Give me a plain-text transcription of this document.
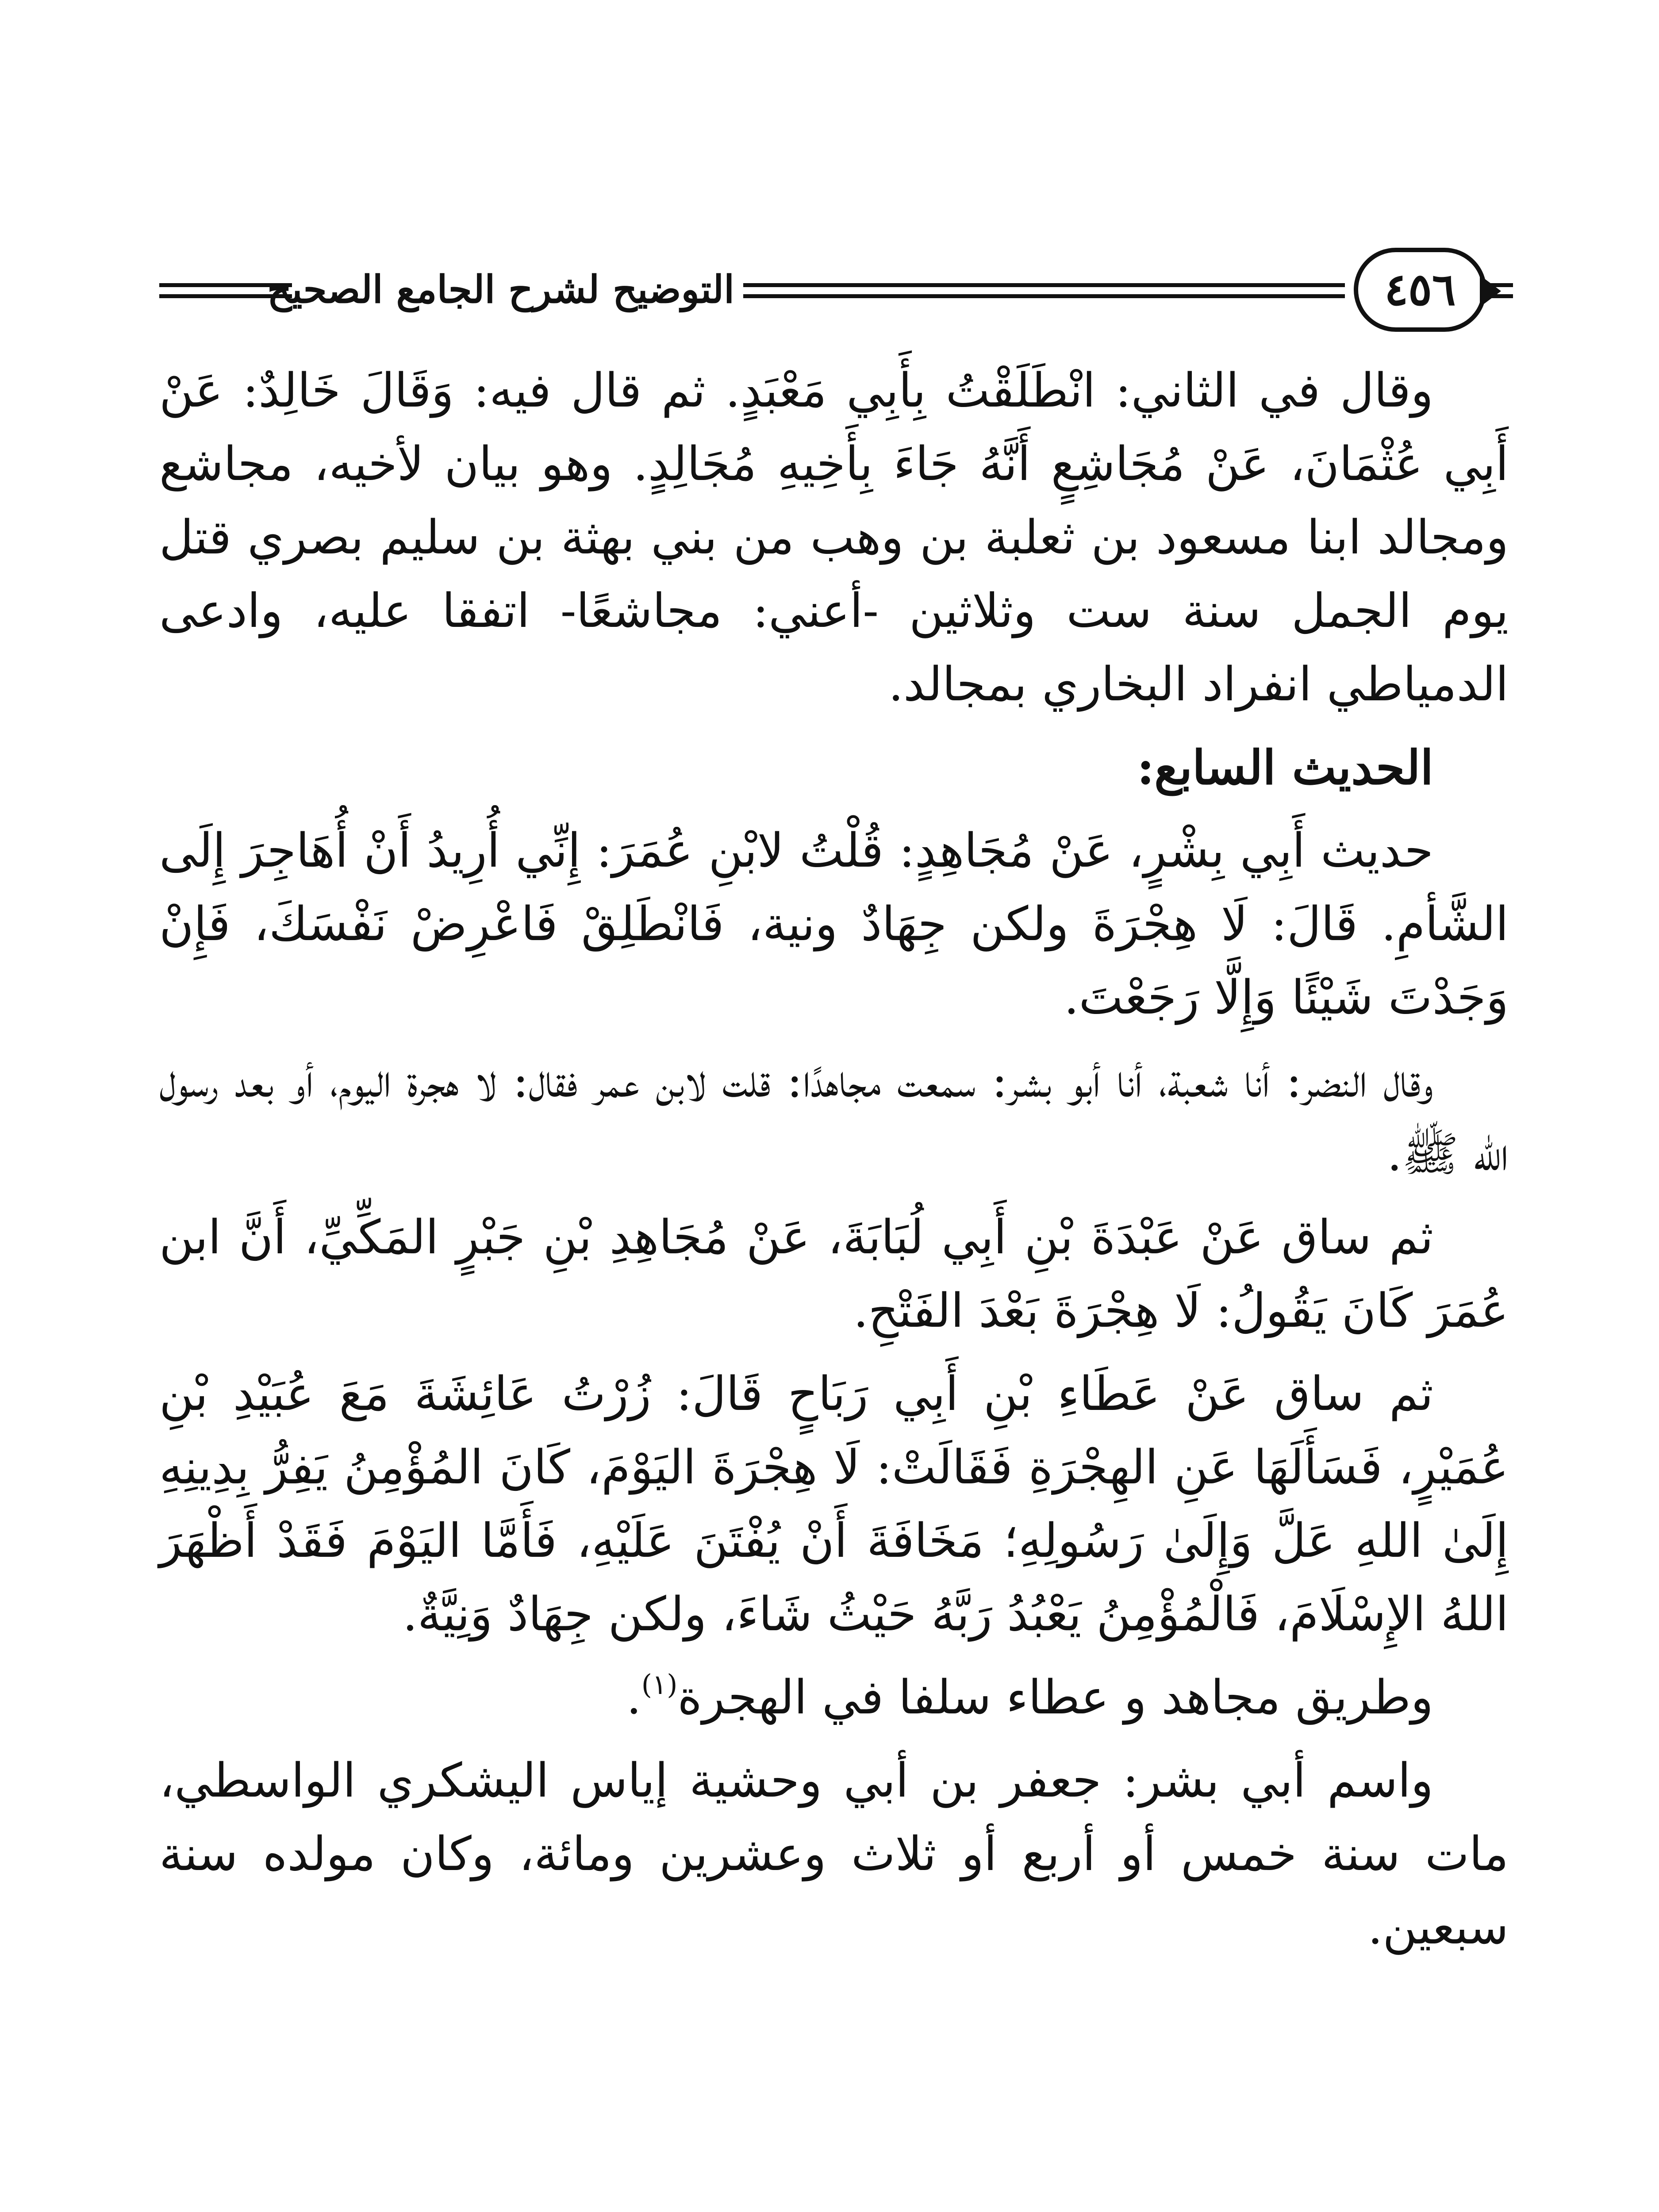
التوضيح لشرح الجامع الصحيح	٤٥٦

وقال في الثاني: انْطَلَقْتُ بِأَبِي مَعْبَدٍ. ثم قال فيه: وَقَالَ خَالِدٌ: عَنْ أَبِي عُثْمَانَ، عَنْ مُجَاشِعٍ أَنَّهُ جَاءَ بِأَخِيهِ مُجَالِدٍ. وهو بيان لأخيه، مجاشع ومجالد ابنا مسعود بن ثعلبة بن وهب من بني بهثة بن سليم بصري قتل يوم الجمل سنة ست وثلاثين -أعني: مجاشعًا- اتفقا عليه، وادعى الدمياطي انفراد البخاري بمجالد.

الحديث السابع:

حديث أَبِي بِشْرٍ، عَنْ مُجَاهِدٍ: قُلْتُ لابْنِ عُمَرَ: إِنِّي أُرِيدُ أَنْ أُهَاجِرَ إِلَى الشَّأمِ. قَالَ: لَا هِجْرَةَ ولكن جِهَادٌ ونية، فَانْطَلِقْ فَاعْرِضْ نَفْسَكَ، فَإِنْ وَجَدْتَ شَيْئًا وَإِلَّا رَجَعْتَ.

وقال النضر: أنا شعبة، أنا أبو بشر: سمعت مجاهدًا: قلت لابن عمر فقال: لا هجرة اليوم، أو بعد رسول الله ﷺ.

ثم ساق عَنْ عَبْدَةَ بْنِ أَبِي لُبَابَةَ، عَنْ مُجَاهِدِ بْنِ جَبْرٍ المَكِّيِّ، أَنَّ ابن عُمَرَ كَانَ يَقُولُ: لَا هِجْرَةَ بَعْدَ الفَتْحِ.

ثم ساق عَنْ عَطَاءِ بْنِ أَبِي رَبَاحٍ قَالَ: زُرْتُ عَائِشَةَ مَعَ عُبَيْدِ بْنِ عُمَيْرٍ، فَسَأَلَهَا عَنِ الهِجْرَةِ فَقَالَتْ: لَا هِجْرَةَ اليَوْمَ، كَانَ المُؤْمِنُ يَفِرُّ بِدِينِهِ إِلَىٰ اللهِ عَلَّ وَإِلَىٰ رَسُولِهِ؛ مَخَافَةَ أَنْ يُفْتَنَ عَلَيْهِ، فَأَمَّا اليَوْمَ فَقَدْ أَظْهَرَ اللهُ الإِسْلَامَ، فَالْمُؤْمِنُ يَعْبُدُ رَبَّهُ حَيْثُ شَاءَ، ولكن جِهَادٌ وَنِيَّةٌ.

وطريق مجاهد و عطاء سلفا في الهجرة$^{(١)}$.

واسم أبي بشر: جعفر بن أبي وحشية إياس اليشكري الواسطي، مات سنة خمس أو أربع أو ثلاث وعشرين ومائة، وكان مولده سنة سبعين.
